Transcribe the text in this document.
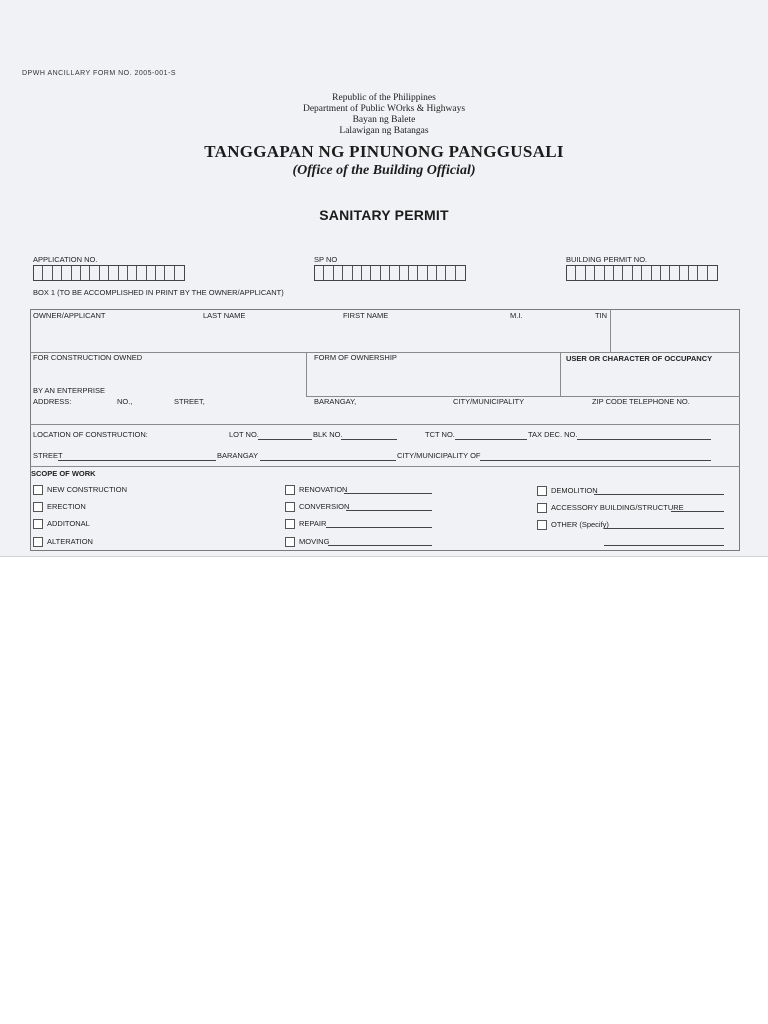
DPWH ANCILLARY FORM NO. 2005-001-S
Republic of the Philippines
Department of Public WOrks & Highways
Bayan ng Balete
Lalawigan ng Batangas
TANGGAPAN NG PINUNONG PANGGUSALI
(Office of the Building Official)
SANITARY PERMIT
APPLICATION NO.	SP NO	BUILDING PERMIT NO.
BOX 1 (TO BE ACCOMPLISHED IN PRINT BY THE OWNER/APPLICANT)
OWNER/APPLICANT	LAST NAME	FIRST NAME	M.I.	TIN
FOR CONSTRUCTION OWNED
BY AN ENTERPRISE
FORM OF OWNERSHIP	USER OR CHARACTER OF OCCUPANCY
ADDRESS:	NO.,	STREET,	BARANGAY,	CITY/MUNICIPALITY	ZIP CODE TELEPHONE NO.
LOCATION OF CONSTRUCTION:	LOT NO.	BLK NO.	TCT NO.	TAX DEC. NO.
STREET	BARANGAY	CITY/MUNICIPALITY OF
SCOPE OF WORK
NEW CONSTRUCTION
ERECTION
ADDITONAL
ALTERATION
RENOVATION
CONVERSION
REPAIR
MOVING
DEMOLITION
ACCESSORY BUILDING/STRUCTURE
OTHER (Specify)
